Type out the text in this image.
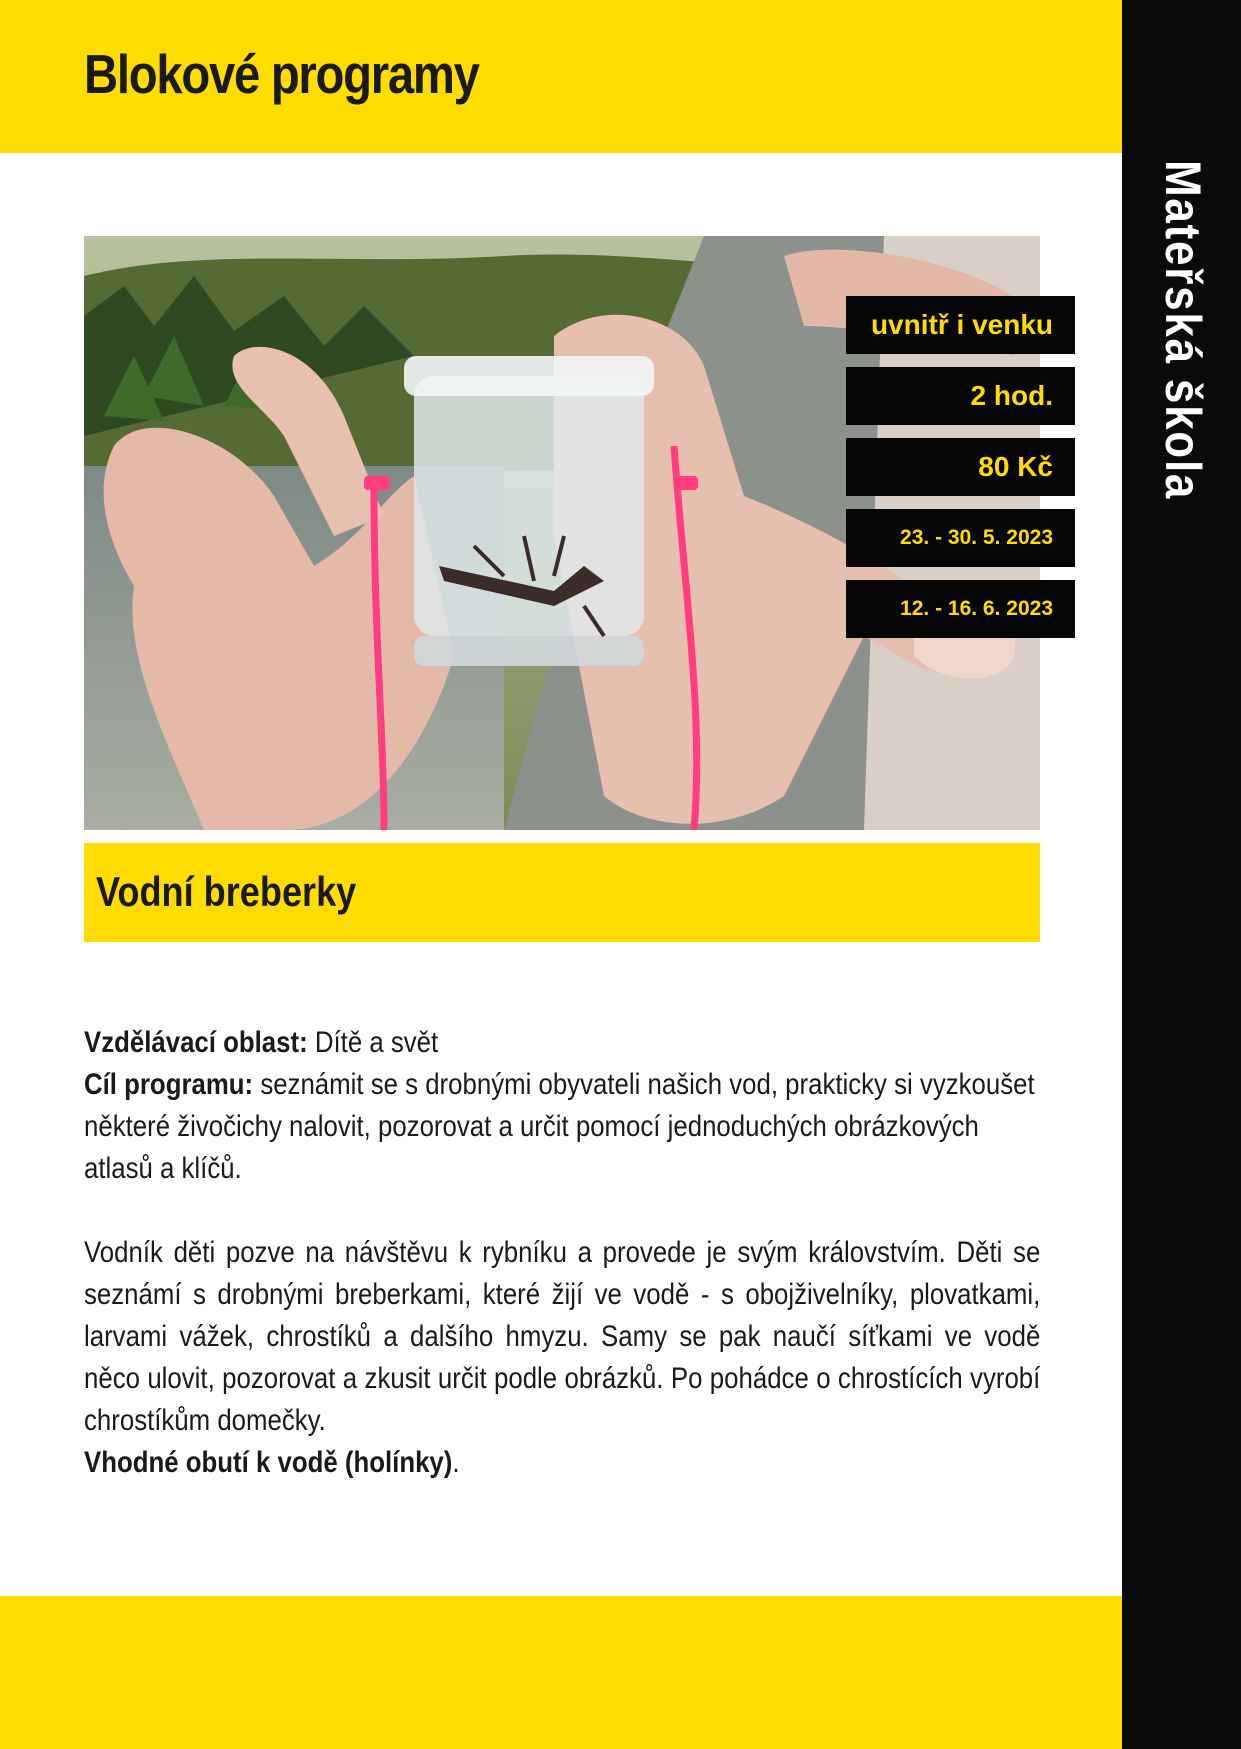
Blokové programy
Mateřská škola
uvnitř i venku
2 hod.
80 Kč
23. - 30. 5. 2023
12. - 16. 6. 2023
Vodní breberky

Vzdělávací oblast: Dítě a svět

Cíl programu: seznámit se s drobnými obyvateli našich vod, prakticky si vyzkoušet některé živočichy nalovit, pozorovat a určit pomocí jednoduchých obrázkových atlasů a klíčů.

Vodník děti pozve na návštěvu k rybníku a provede je svým královstvím. Děti se seznámí s drobnými breberkami, které žijí ve vodě - s obojživelníky, plovatkami, larvami vážek, chrostíků a dalšího hmyzu. Samy se pak naučí síťkami ve vodě něco ulovit, pozorovat a zkusit určit podle obrázků. Po pohádce o chrostících vyrobí chrostíkům domečky.

Vhodné obutí k vodě (holínky).
